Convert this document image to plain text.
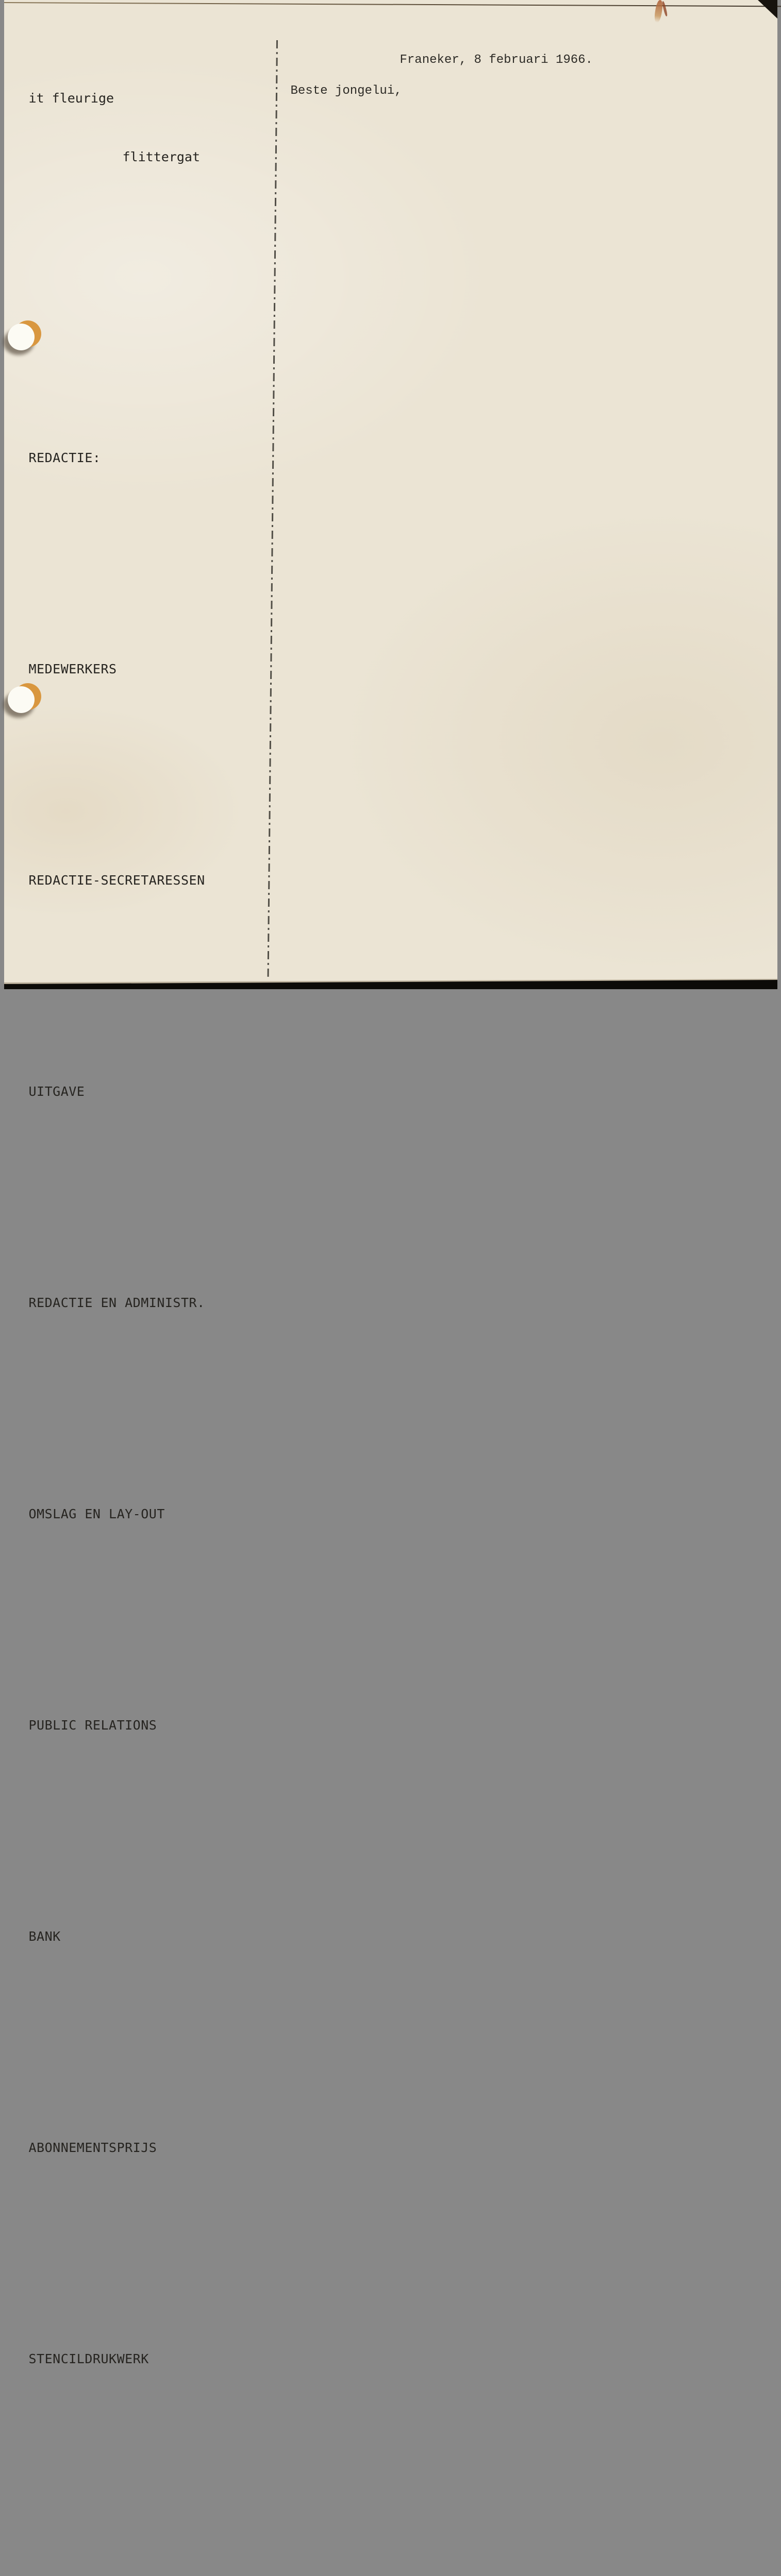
it fleurige

flittergat

REDACTIE:

MEDEWERKERS

REDACTIE-SECRETARESSEN

UITGAVE

REDACTIE EN ADMINISTR.

OMSLAG EN LAY-OUT

PUBLIC RELATIONS

BANK

ABONNEMENTSPRIJS

STENCILDRUKWERK

Franeker, 8 februari 1966.
Beste jongelui,
